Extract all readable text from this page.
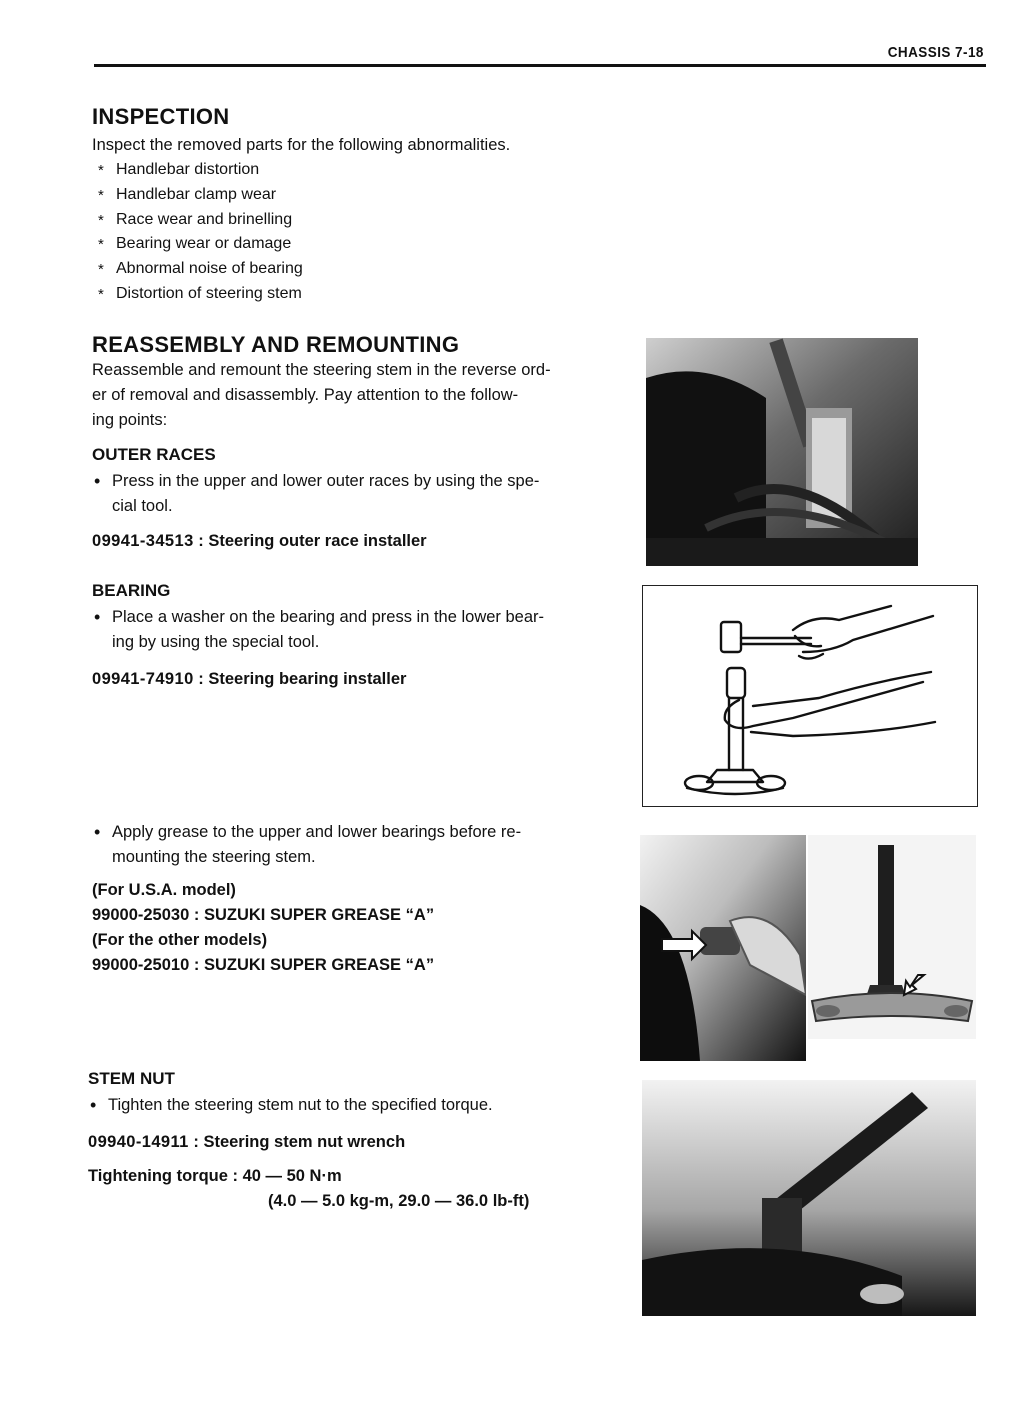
CHASSIS 7-18
INSPECTION

Inspect the removed parts for the following abnormalities.

* Handlebar distortion
* Handlebar clamp wear
* Race wear and brinelling
* Bearing wear or damage
* Abnormal noise of bearing
* Distortion of steering stem
REASSEMBLY AND REMOUNTING

Reassemble and remount the steering stem in the reverse ord-
er of removal and disassembly. Pay attention to the follow-
ing points:

OUTER RACES
• Press in the upper and lower outer races by using the spe-
cial tool.
09941-34513 : Steering outer race installer
BEARING
• Place a washer on the bearing and press in the lower bear-
ing by using the special tool.
09941-74910 : Steering bearing installer
• Apply grease to the upper and lower bearings before re-
mounting the steering stem.
(For U.S.A. model)
99000-25030 : SUZUKI SUPER GREASE “A”
(For the other models)
99000-25010 : SUZUKI SUPER GREASE “A”
STEM NUT
• Tighten the steering stem nut to the specified torque.
09940-14911 : Steering stem nut wrench
Tightening torque : 40 — 50 N·m
(4.0 — 5.0 kg-m, 29.0 — 36.0 lb-ft)
